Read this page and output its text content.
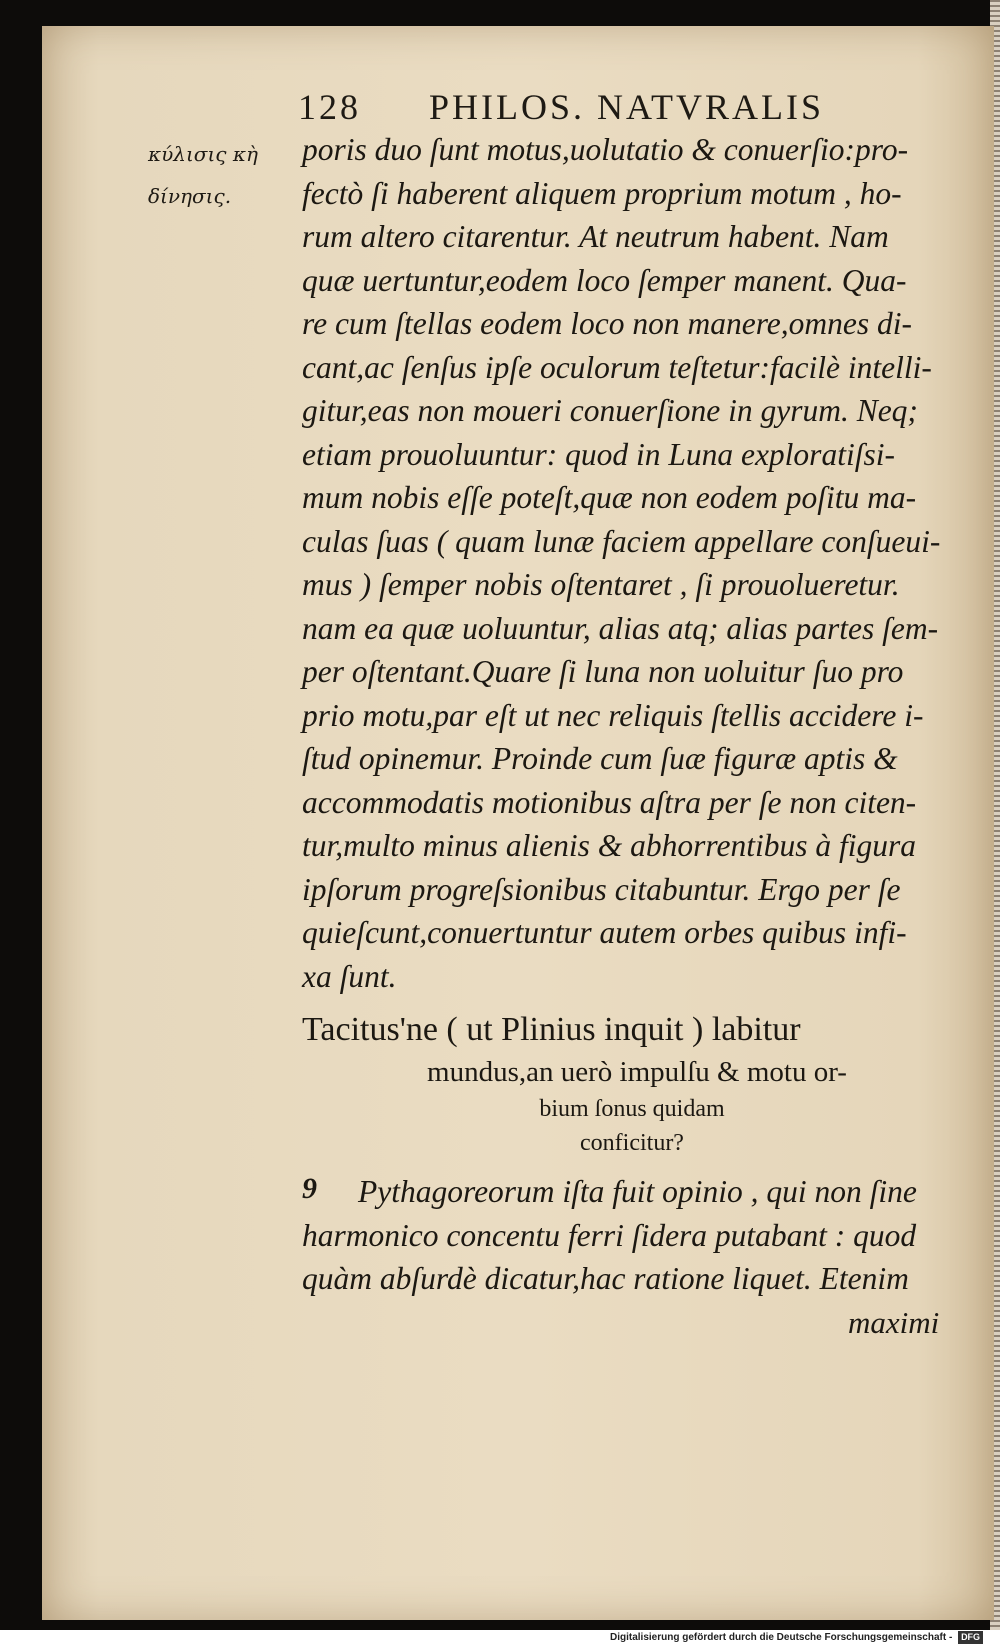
128 PHILOS. NATVRALIS
κύλισις κὴ
δίνησις.
poris duo ſunt motus,uolutatio & conuerſio:pro-
fectò ſi haberent aliquem proprium motum , ho-
rum altero citarentur. At neutrum habent. Nam
quæ uertuntur,eodem loco ſemper manent. Qua-
re cum ſtellas eodem loco non manere,omnes di-
cant,ac ſenſus ipſe oculorum teſtetur:facilè intelli-
gitur,eas non moueri conuerſione in gyrum. Neq;
etiam prouoluuntur: quod in Luna exploratiſsi-
mum nobis eſſe poteſt,quæ non eodem poſitu ma-
culas ſuas ( quam lunæ faciem appellare conſueui-
mus ) ſemper nobis oſtentaret , ſi prouolueretur.
nam ea quæ uoluuntur, alias atq; alias partes ſem-
per oſtentant.Quare ſi luna non uoluitur ſuo pro
prio motu,par eſt ut nec reliquis ſtellis accidere i-
ſtud opinemur. Proinde cum ſuæ figuræ aptis &
accommodatis motionibus aſtra per ſe non citen-
tur,multo minus alienis & abhorrentibus à figura
ipſorum progreſsionibus citabuntur. Ergo per ſe
quieſcunt,conuertuntur autem orbes quibus infi-
xa ſunt.
Tacitus'ne ( ut Plinius inquit ) labitur
mundus,an uerò impulſu & motu or-
bium ſonus quidam
conficitur?
9	Pythagoreorum iſta fuit opinio , qui non ſine
harmonico concentu ferri ſidera putabant : quod
quàm abſurdè dicatur,hac ratione liquet. Etenim
maximi
Digitalisierung gefördert durch die Deutsche Forschungsgemeinschaft - DFG
